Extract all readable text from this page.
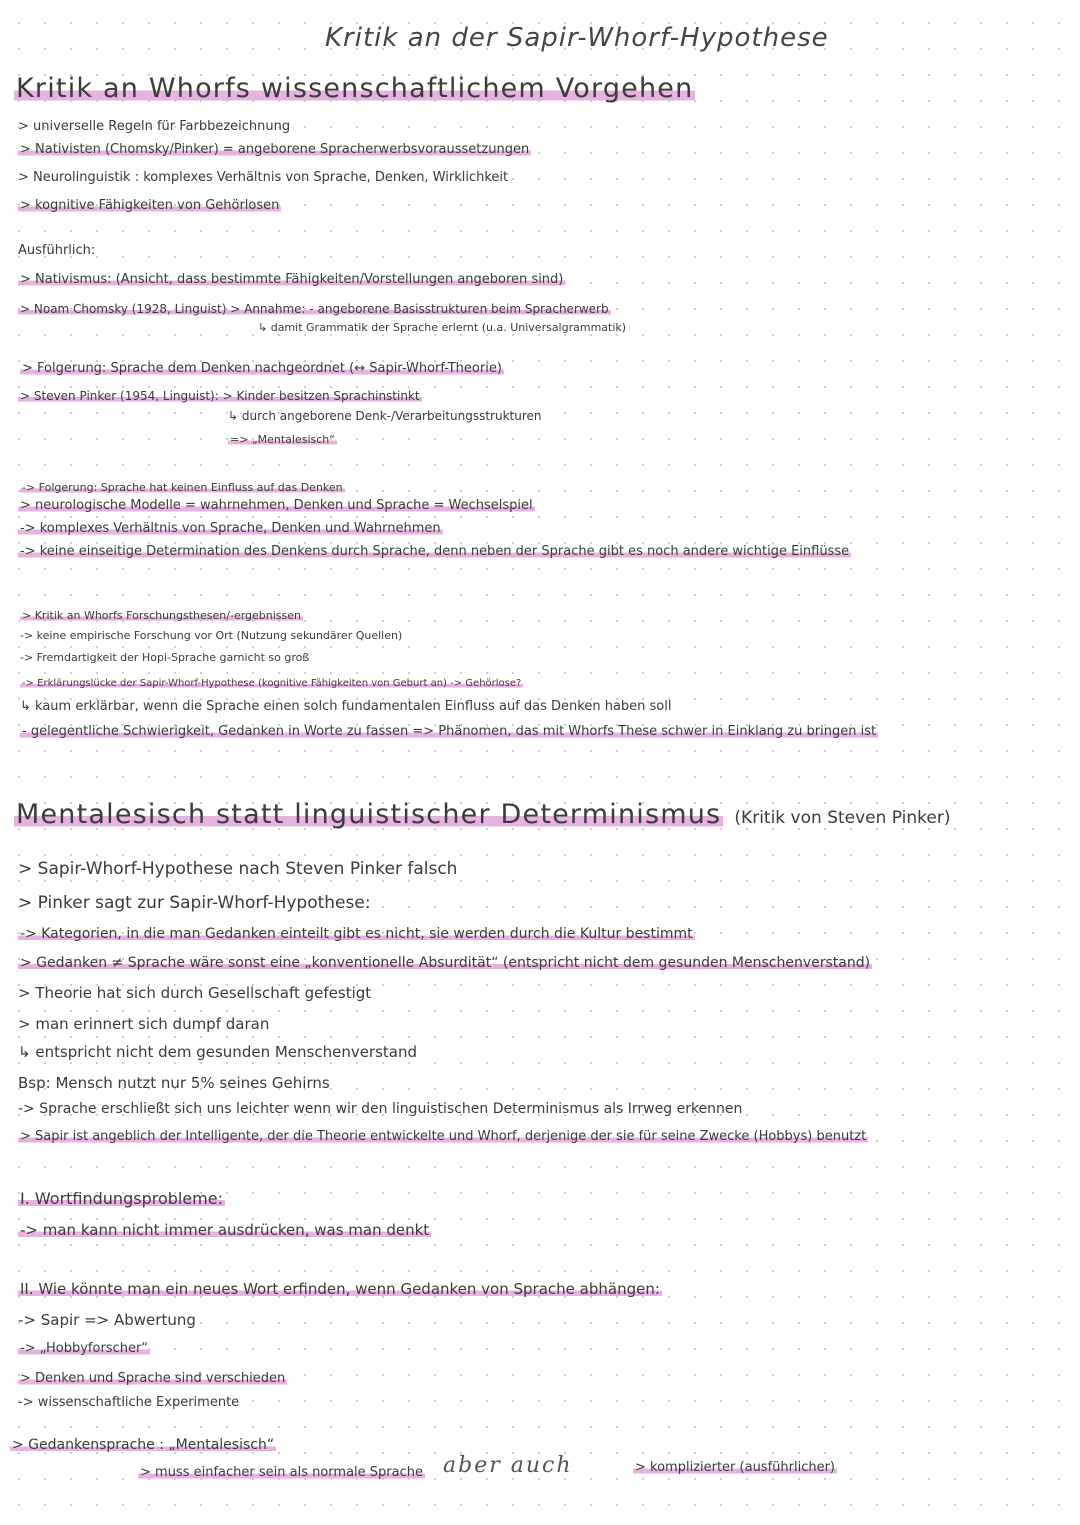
Kritik an der Sapir-Whorf-Hypothese
Kritik an Whorfs wissenschaftlichem Vorgehen
> universelle Regeln für Farbbezeichnung
> Nativisten (Chomsky/Pinker) = angeborene Spracherwerbsvoraussetzungen
> Neurolinguistik : komplexes Verhältnis von Sprache, Denken, Wirklichkeit
> kognitive Fähigkeiten von Gehörlosen
Ausführlich:
> Nativismus: (Ansicht, dass bestimmte Fähigkeiten/Vorstellungen angeboren sind)
> Noam Chomsky (1928, Linguist) > Annahme: - angeborene Basisstrukturen beim Spracherwerb
↳ damit Grammatik der Sprache erlernt (u.a. Universalgrammatik)
> Folgerung: Sprache dem Denken nachgeordnet (↔ Sapir-Whorf-Theorie)
> Steven Pinker (1954, Linguist): > Kinder besitzen Sprachinstinkt
↳ durch angeborene Denk-/Verarbeitungsstrukturen
=> „Mentalesisch“
-> Folgerung: Sprache hat keinen Einfluss auf das Denken
> neurologische Modelle = wahrnehmen, Denken und Sprache = Wechselspiel
-> komplexes Verhältnis von Sprache, Denken und Wahrnehmen
-> keine einseitige Determination des Denkens durch Sprache, denn neben der Sprache gibt es noch andere wichtige Einflüsse
> Kritik an Whorfs Forschungsthesen/-ergebnissen
-> keine empirische Forschung vor Ort (Nutzung sekundärer Quellen)
-> Fremdartigkeit der Hopi-Sprache garnicht so groß
-> Erklärungslücke der Sapir-Whorf-Hypothese (kognitive Fähigkeiten von Geburt an) -> Gehörlose?
↳ kaum erklärbar, wenn die Sprache einen solch fundamentalen Einfluss auf das Denken haben soll
- gelegentliche Schwierigkeit, Gedanken in Worte zu fassen => Phänomen, das mit Whorfs These schwer in Einklang zu bringen ist
Mentalesisch statt linguistischer Determinismus (Kritik von Steven Pinker)
> Sapir-Whorf-Hypothese nach Steven Pinker falsch
> Pinker sagt zur Sapir-Whorf-Hypothese:
-> Kategorien, in die man Gedanken einteilt gibt es nicht, sie werden durch die Kultur bestimmt
> Gedanken ≠ Sprache wäre sonst eine „konventionelle Absurdität“ (entspricht nicht dem gesunden Menschenverstand)
> Theorie hat sich durch Gesellschaft gefestigt
> man erinnert sich dumpf daran
↳ entspricht nicht dem gesunden Menschenverstand
Bsp: Mensch nutzt nur 5% seines Gehirns
-> Sprache erschließt sich uns leichter wenn wir den linguistischen Determinismus als Irrweg erkennen
> Sapir ist angeblich der Intelligente, der die Theorie entwickelte und Whorf, derjenige der sie für seine Zwecke (Hobbys) benutzt
I. Wortfindungsprobleme:
-> man kann nicht immer ausdrücken, was man denkt
II. Wie könnte man ein neues Wort erfinden, wenn Gedanken von Sprache abhängen:
-> Sapir => Abwertung
-> „Hobbyforscher“
> Denken und Sprache sind verschieden
-> wissenschaftliche Experimente
> Gedankensprache : „Mentalesisch“
> muss einfacher sein als normale Sprache aber auch	> komplizierter (ausführlicher)
